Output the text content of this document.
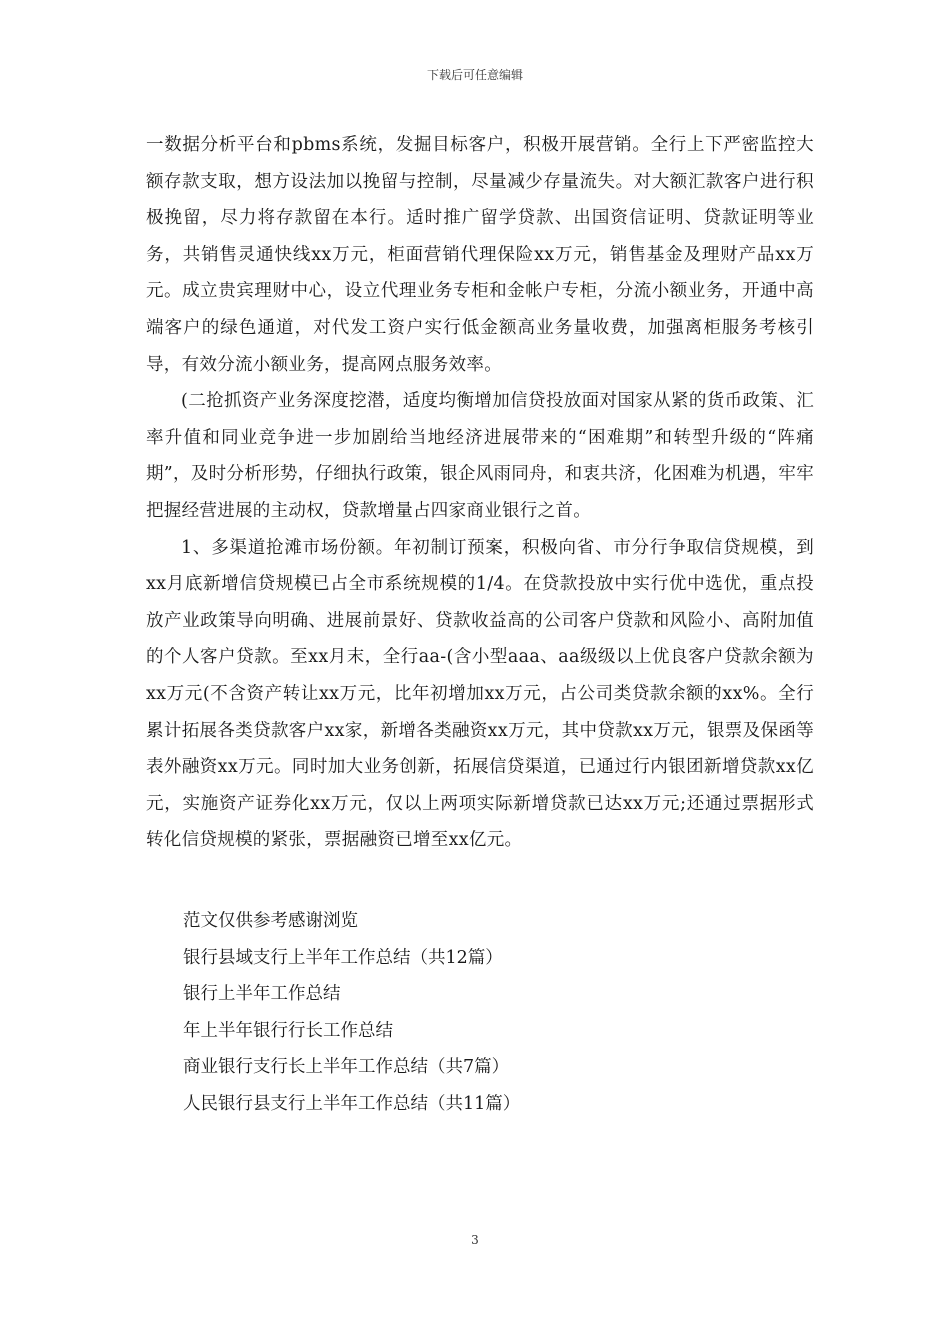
下载后可任意编辑

一数据分析平台和pbms系统，发掘目标客户，积极开展营销。全行上下严密监控大额存款支取，想方设法加以挽留与控制，尽量减少存量流失。对大额汇款客户进行积极挽留，尽力将存款留在本行。适时推广留学贷款、出国资信证明、贷款证明等业务，共销售灵通快线xx万元，柜面营销代理保险xx万元，销售基金及理财产品xx万元。成立贵宾理财中心，设立代理业务专柜和金帐户专柜，分流小额业务，开通中高端客户的绿色通道，对代发工资户实行低金额高业务量收费，加强离柜服务考核引导，有效分流小额业务，提高网点服务效率。

(二抢抓资产业务深度挖潜，适度均衡增加信贷投放面对国家从紧的货币政策、汇率升值和同业竞争进一步加剧给当地经济进展带来的“困难期”和转型升级的“阵痛期”，及时分析形势，仔细执行政策，银企风雨同舟，和衷共济，化困难为机遇，牢牢把握经营进展的主动权，贷款增量占四家商业银行之首。

1、多渠道抢滩市场份额。年初制订预案，积极向省、市分行争取信贷规模，到xx月底新增信贷规模已占全市系统规模的1/4。在贷款投放中实行优中选优，重点投放产业政策导向明确、进展前景好、贷款收益高的公司客户贷款和风险小、高附加值的个人客户贷款。至xx月末，全行aa-(含小型aaa、aa级级以上优良客户贷款余额为xx万元(不含资产转让xx万元，比年初增加xx万元，占公司类贷款余额的xx%。全行累计拓展各类贷款客户xx家，新增各类融资xx万元，其中贷款xx万元，银票及保函等表外融资xx万元。同时加大业务创新，拓展信贷渠道，已通过行内银团新增贷款xx亿元，实施资产证券化xx万元，仅以上两项实际新增贷款已达xx万元;还通过票据形式转化信贷规模的紧张，票据融资已增至xx亿元。

范文仅供参考感谢浏览
银行县域支行上半年工作总结（共12篇）
银行上半年工作总结
年上半年银行行长工作总结
商业银行支行长上半年工作总结（共7篇）
人民银行县支行上半年工作总结（共11篇）
3
